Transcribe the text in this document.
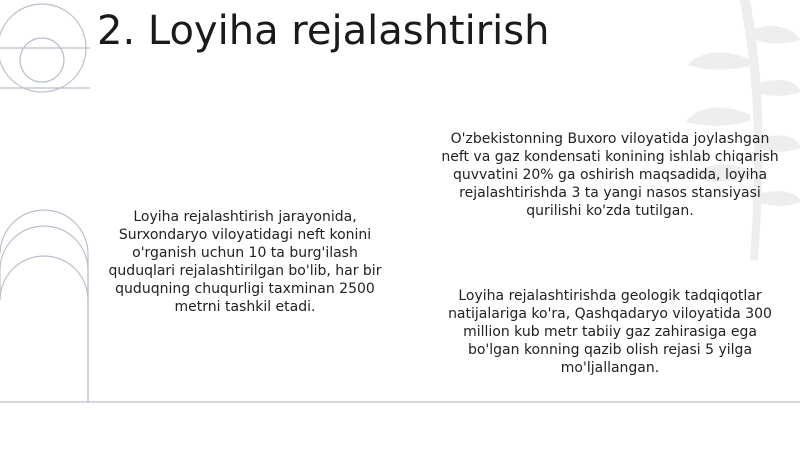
2. Loyiha rejalashtirish

Loyiha rejalashtirish jarayonida, Surxondaryo viloyatidagi neft konini o'rganish uchun 10 ta burg'ilash quduqlari rejalashtirilgan bo'lib, har bir quduqning chuqurligi taxminan 2500 metrni tashkil etadi.

O'zbekistonning Buxoro viloyatida joylashgan neft va gaz kondensati konining ishlab chiqarish quvvatini 20% ga oshirish maqsadida, loyiha rejalashtirishda 3 ta yangi nasos stansiyasi qurilishi ko'zda tutilgan.

Loyiha rejalashtirishda geologik tadqiqotlar natijalariga ko'ra, Qashqadaryo viloyatida 300 million kub metr tabiiy gaz zahirasiga ega bo'lgan konning qazib olish rejasi 5 yilga mo'ljallangan.
